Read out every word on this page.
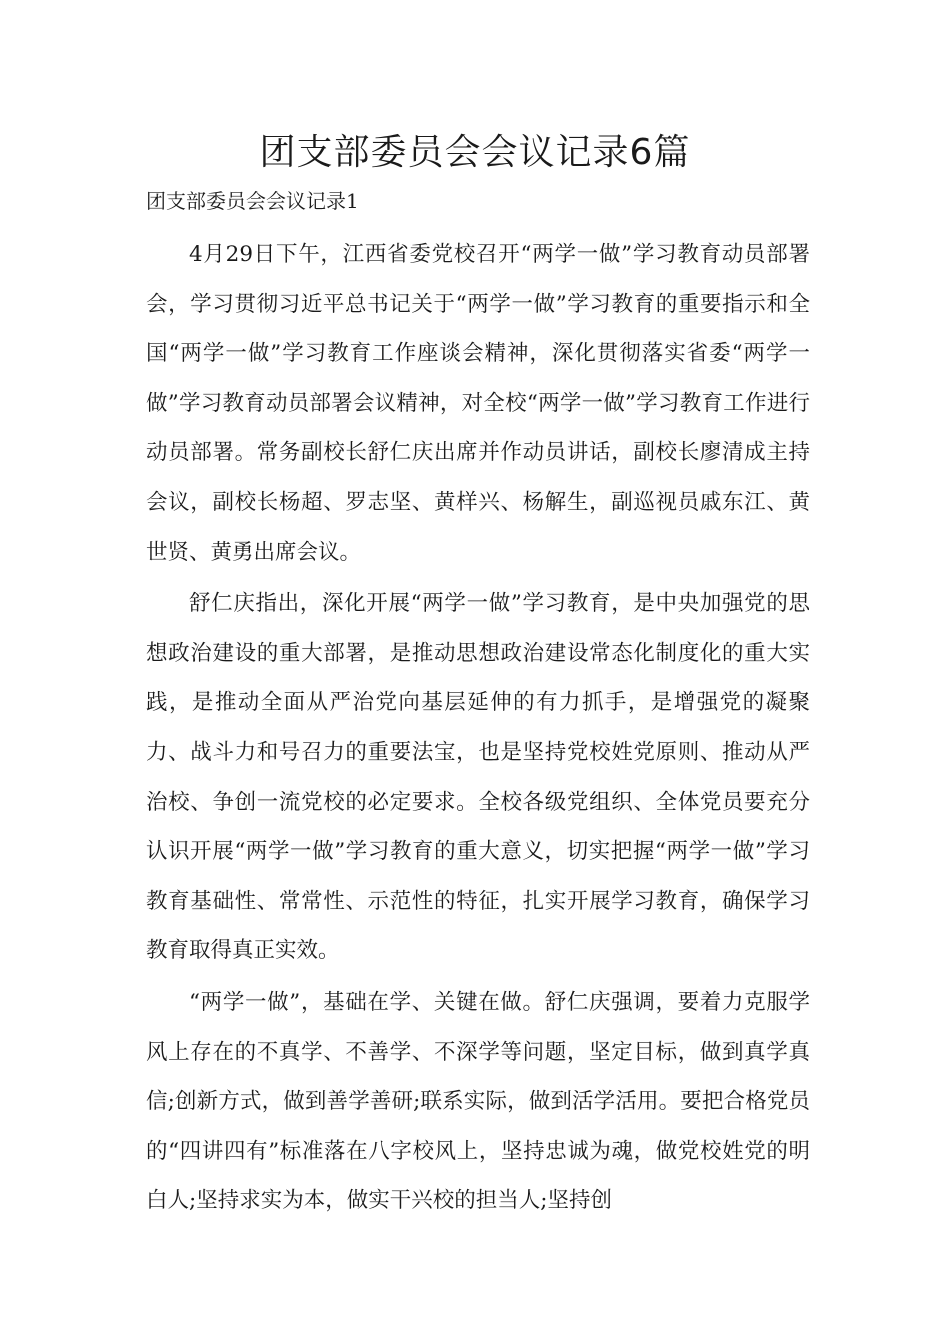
团支部委员会会议记录6篇

团支部委员会会议记录1

4月29日下午，江西省委党校召开“两学一做”学习教育动员部署会，学习贯彻习近平总书记关于“两学一做”学习教育的重要指示和全国“两学一做”学习教育工作座谈会精神，深化贯彻落实省委“两学一做”学习教育动员部署会议精神，对全校“两学一做”学习教育工作进行动员部署。常务副校长舒仁庆出席并作动员讲话，副校长廖清成主持会议，副校长杨超、罗志坚、黄样兴、杨解生，副巡视员戚东江、黄世贤、黄勇出席会议。

舒仁庆指出，深化开展“两学一做”学习教育，是中央加强党的思想政治建设的重大部署，是推动思想政治建设常态化制度化的重大实践，是推动全面从严治党向基层延伸的有力抓手，是增强党的凝聚力、战斗力和号召力的重要法宝，也是坚持党校姓党原则、推动从严治校、争创一流党校的必定要求。全校各级党组织、全体党员要充分认识开展“两学一做”学习教育的重大意义，切实把握“两学一做”学习教育基础性、常常性、示范性的特征，扎实开展学习教育，确保学习教育取得真正实效。

“两学一做”，基础在学、关键在做。舒仁庆强调，要着力克服学风上存在的不真学、不善学、不深学等问题，坚定目标，做到真学真信;创新方式，做到善学善研;联系实际，做到活学活用。要把合格党员的“四讲四有”标准落在八字校风上，坚持忠诚为魂，做党校姓党的明白人;坚持求实为本，做实干兴校的担当人;坚持创
